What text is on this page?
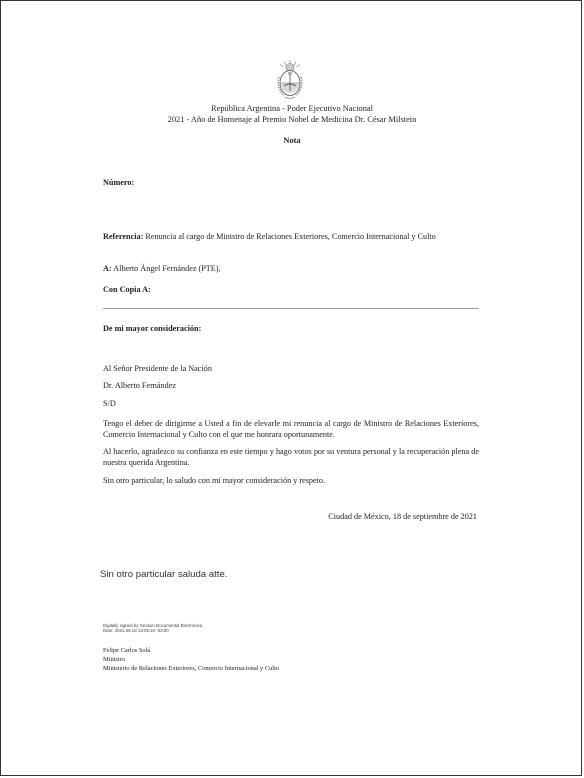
República Argentina - Poder Ejecutivo Nacional
2021 - Año de Homenaje al Premio Nobel de Medicina Dr. César Milstein
Nota
Número:
Referencia: Renuncia al cargo de Ministro de Relaciones Exteriores, Comercio Internacional y Culto
A: Alberto Ángel Fernández (PTE),
Con Copia A:
De mi mayor consideración:
Al Señor Presidente de la Nación
Dr. Alberto Fernández
S/D
Tengo el deber de dirigirme a Usted a fin de elevarle mi renuncia al cargo de Ministro de Relaciones Exteriores, Comercio Internacional y Culto con el que me honrara oportunamente.
Al hacerlo, agradezco su confianza en este tiempo y hago votos por su ventura personal y la recuperación plena de nuestra querida Argentina.
Sin otro particular, lo saludo con mi mayor consideración y respeto.
Ciudad de México, 18 de septiembre de 2021
Sin otro particular saluda atte.
Digitally signed by Gestion Documental Electronica
Date: 2021.09.18 13:05:10 -03:00
Felipe Carlos Solá
Ministro
Ministerio de Relaciones Exteriores, Comercio Internacional y Culto
